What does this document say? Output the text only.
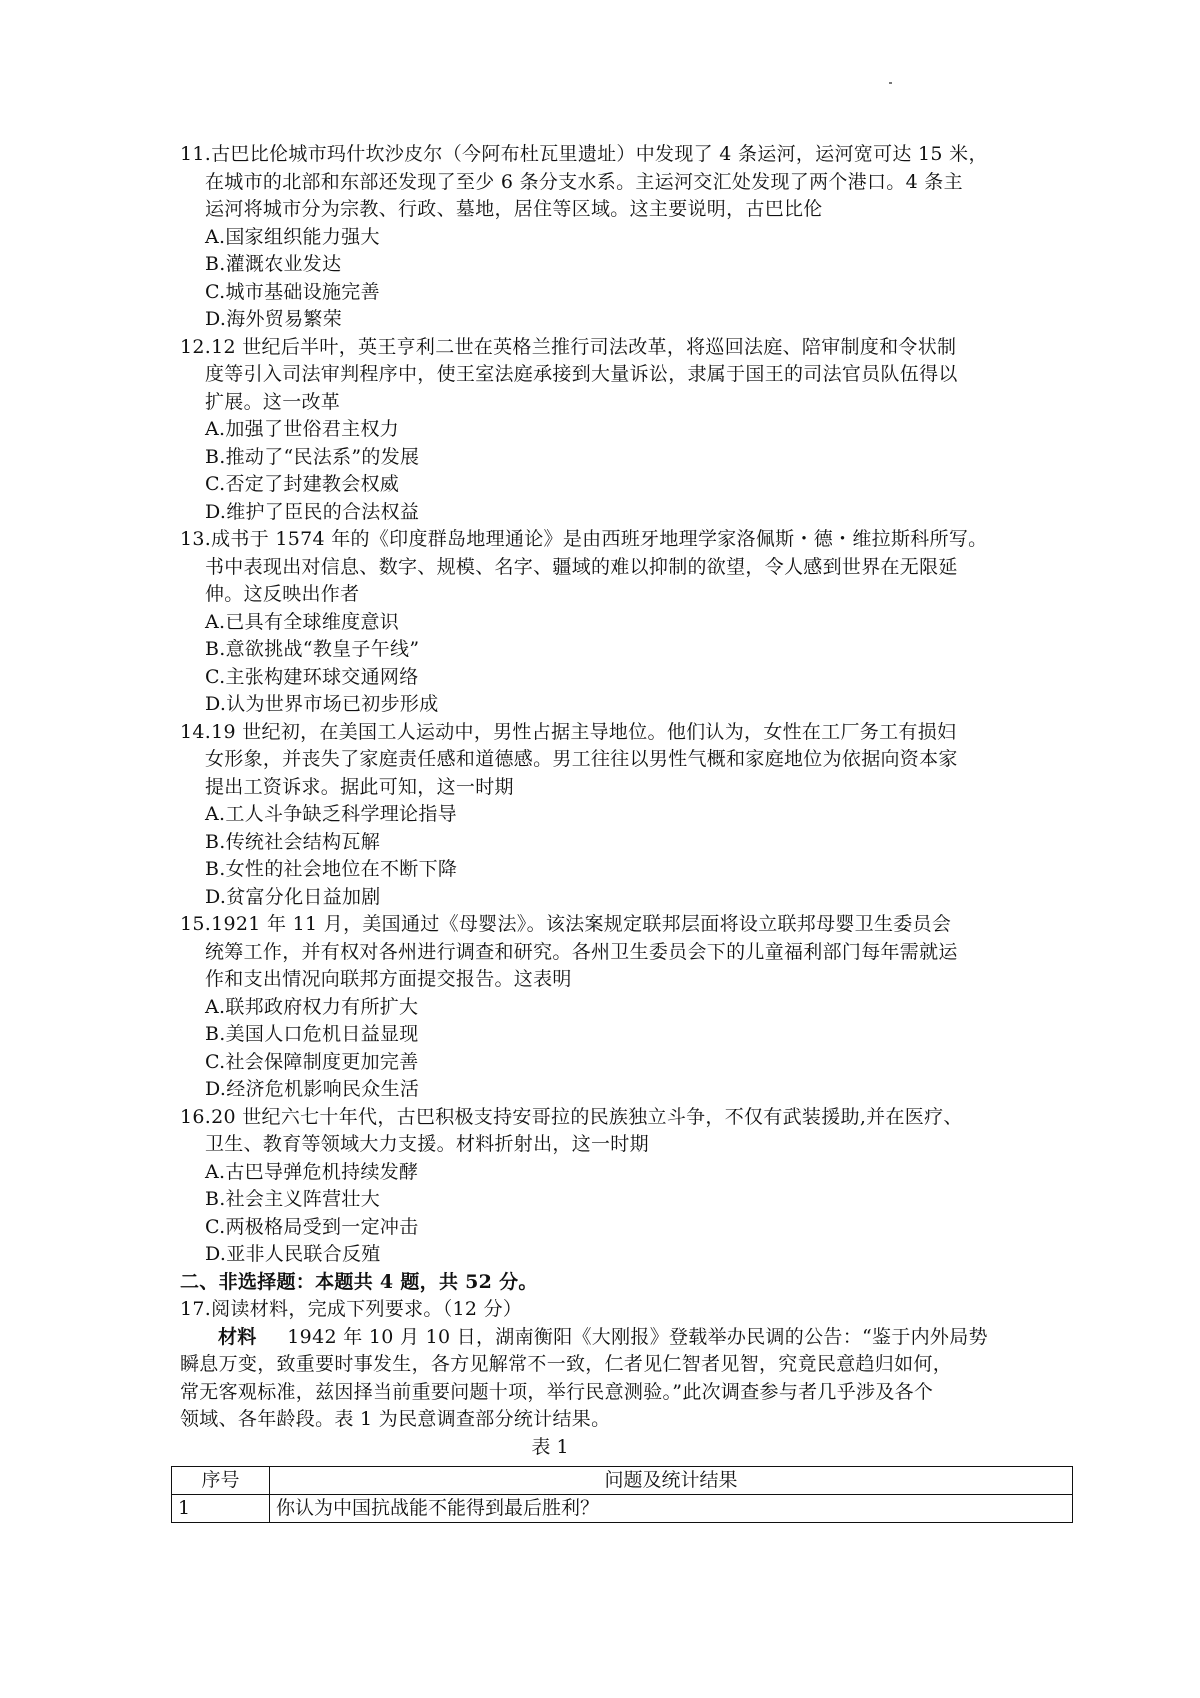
11.古巴比伦城市玛什坎沙皮尔（今阿布杜瓦里遗址）中发现了 4 条运河，运河宽可达 15 米，
在城市的北部和东部还发现了至少 6 条分支水系。主运河交汇处发现了两个港口。4 条主
运河将城市分为宗教、行政、墓地，居住等区域。这主要说明，古巴比伦
A.国家组织能力强大
B.灌溉农业发达
C.城市基础设施完善
D.海外贸易繁荣
12.12 世纪后半叶，英王亨利二世在英格兰推行司法改革，将巡回法庭、陪审制度和令状制
度等引入司法审判程序中，使王室法庭承接到大量诉讼，隶属于国王的司法官员队伍得以
扩展。这一改革
A.加强了世俗君主权力
B.推动了“民法系”的发展
C.否定了封建教会权威
D.维护了臣民的合法权益
13.成书于 1574 年的《印度群岛地理通论》是由西班牙地理学家洛佩斯・德・维拉斯科所写。
书中表现出对信息、数字、规模、名字、疆域的难以抑制的欲望，令人感到世界在无限延
伸。这反映出作者
A.已具有全球维度意识
B.意欲挑战“教皇子午线”
C.主张构建环球交通网络
D.认为世界市场已初步形成
14.19 世纪初，在美国工人运动中，男性占据主导地位。他们认为，女性在工厂务工有损妇
女形象，并丧失了家庭责任感和道德感。男工往往以男性气概和家庭地位为依据向资本家
提出工资诉求。据此可知，这一时期
A.工人斗争缺乏科学理论指导
B.传统社会结构瓦解
B.女性的社会地位在不断下降
D.贫富分化日益加剧
15.1921 年 11 月，美国通过《母婴法》。该法案规定联邦层面将设立联邦母婴卫生委员会
统筹工作，并有权对各州进行调查和研究。各州卫生委员会下的儿童福利部门每年需就运
作和支出情况向联邦方面提交报告。这表明
A.联邦政府权力有所扩大
B.美国人口危机日益显现
C.社会保障制度更加完善
D.经济危机影响民众生活
16.20 世纪六七十年代，古巴积极支持安哥拉的民族独立斗争，不仅有武装援助,并在医疗、
卫生、教育等领域大力支援。材料折射出，这一时期
A.古巴导弹危机持续发酵
B.社会主义阵营壮大
C.两极格局受到一定冲击
D.亚非人民联合反殖
二、非选择题：本题共 4 题，共 52 分。
17.阅读材料，完成下列要求。（12 分）
材料 1942 年 10 月 10 日，湖南衡阳《大刚报》登载举办民调的公告：“鉴于内外局势
瞬息万变，致重要时事发生，各方见解常不一致，仁者见仁智者见智，究竟民意趋归如何，
常无客观标准，兹因择当前重要问题十项，举行民意测验。”此次调查参与者几乎涉及各个
领域、各年龄段。表 1 为民意调查部分统计结果。
表 1
序号	问题及统计结果
1	你认为中国抗战能不能得到最后胜利？
